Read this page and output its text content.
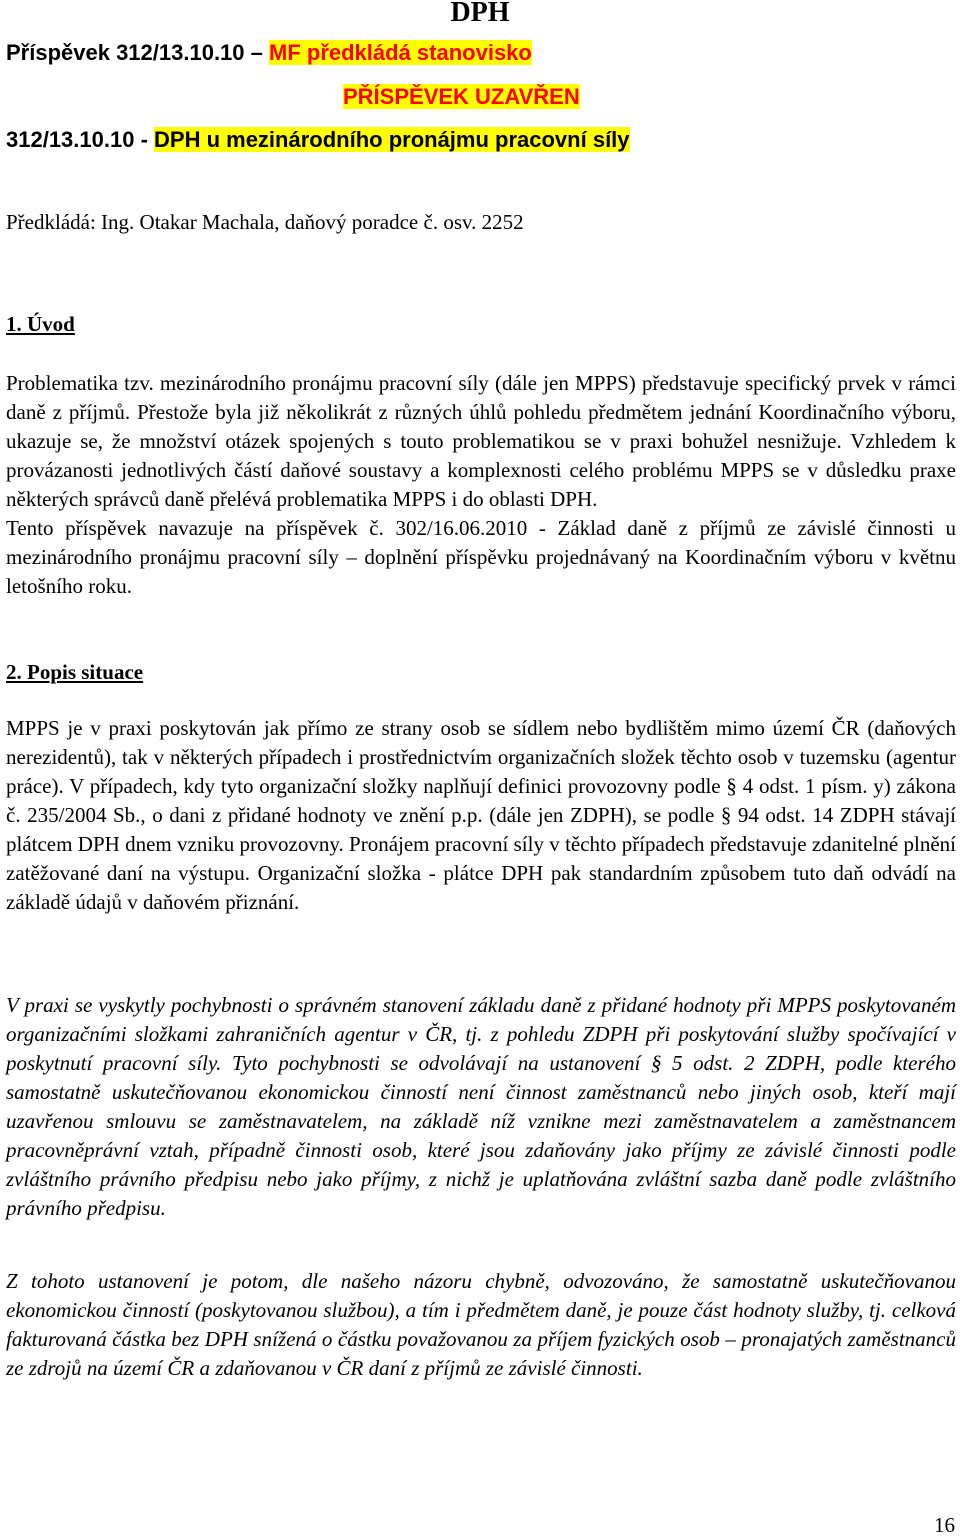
DPH
Příspěvek 312/13.10.10 – MF předkládá stanovisko
PŘÍSPĚVEK UZAVŘEN
312/13.10.10 - DPH u mezinárodního pronájmu pracovní síly
Předkládá: Ing. Otakar Machala, daňový poradce č. osv. 2252
1. Úvod
Problematika tzv. mezinárodního pronájmu pracovní síly (dále jen MPPS) představuje specifický prvek v rámci daně z příjmů. Přestože byla již několikrát z různých úhlů pohledu předmětem jednání Koordinačního výboru, ukazuje se, že množství otázek spojených s touto problematikou se v praxi bohužel nesnižuje. Vzhledem k provázanosti jednotlivých částí daňové soustavy a komplexnosti celého problému MPPS se v důsledku praxe některých správců daně přelévá problematika MPPS i do oblasti DPH.
Tento příspěvek navazuje na příspěvek č. 302/16.06.2010 - Základ daně z příjmů ze závislé činnosti u mezinárodního pronájmu pracovní síly – doplnění příspěvku projednávaný na Koordinačním výboru v květnu letošního roku.
2. Popis situace
MPPS je v praxi poskytován jak přímo ze strany osob se sídlem nebo bydlištěm mimo území ČR (daňových nerezidentů), tak v některých případech i prostřednictvím organizačních složek těchto osob v tuzemsku (agentur práce). V případech, kdy tyto organizační složky naplňují definici provozovny podle § 4 odst. 1 písm. y) zákona č. 235/2004 Sb., o dani z přidané hodnoty ve znění p.p. (dále jen ZDPH), se podle § 94 odst. 14 ZDPH stávají plátcem DPH dnem vzniku provozovny. Pronájem pracovní síly v těchto případech představuje zdanitelné plnění zatěžované daní na výstupu. Organizační složka - plátce DPH pak standardním způsobem tuto daň odvádí na základě údajů v daňovém přiznání.
V praxi se vyskytly pochybnosti o správném stanovení základu daně z přidané hodnoty při MPPS poskytovaném organizačními složkami zahraničních agentur v ČR, tj. z pohledu ZDPH při poskytování služby spočívající v poskytnutí pracovní síly. Tyto pochybnosti se odvolávají na ustanovení § 5 odst. 2 ZDPH, podle kterého samostatně uskutečňovanou ekonomickou činností není činnost zaměstnanců nebo jiných osob, kteří mají uzavřenou smlouvu se zaměstnavatelem, na základě níž vznikne mezi zaměstnavatelem a zaměstnancem pracovněprávní vztah, případně činnosti osob, které jsou zdaňovány jako příjmy ze závislé činnosti podle zvláštního právního předpisu nebo jako příjmy, z nichž je uplatňována zvláštní sazba daně podle zvláštního právního předpisu.
Z tohoto ustanovení je potom, dle našeho názoru chybně, odvozováno, že samostatně uskutečňovanou ekonomickou činností (poskytovanou službou), a tím i předmětem daně, je pouze část hodnoty služby, tj. celková fakturovaná částka bez DPH snížená o částku považovanou za příjem fyzických osob – pronajatých zaměstnanců ze zdrojů na území ČR a zdaňovanou v ČR daní z příjmů ze závislé činnosti.
16
